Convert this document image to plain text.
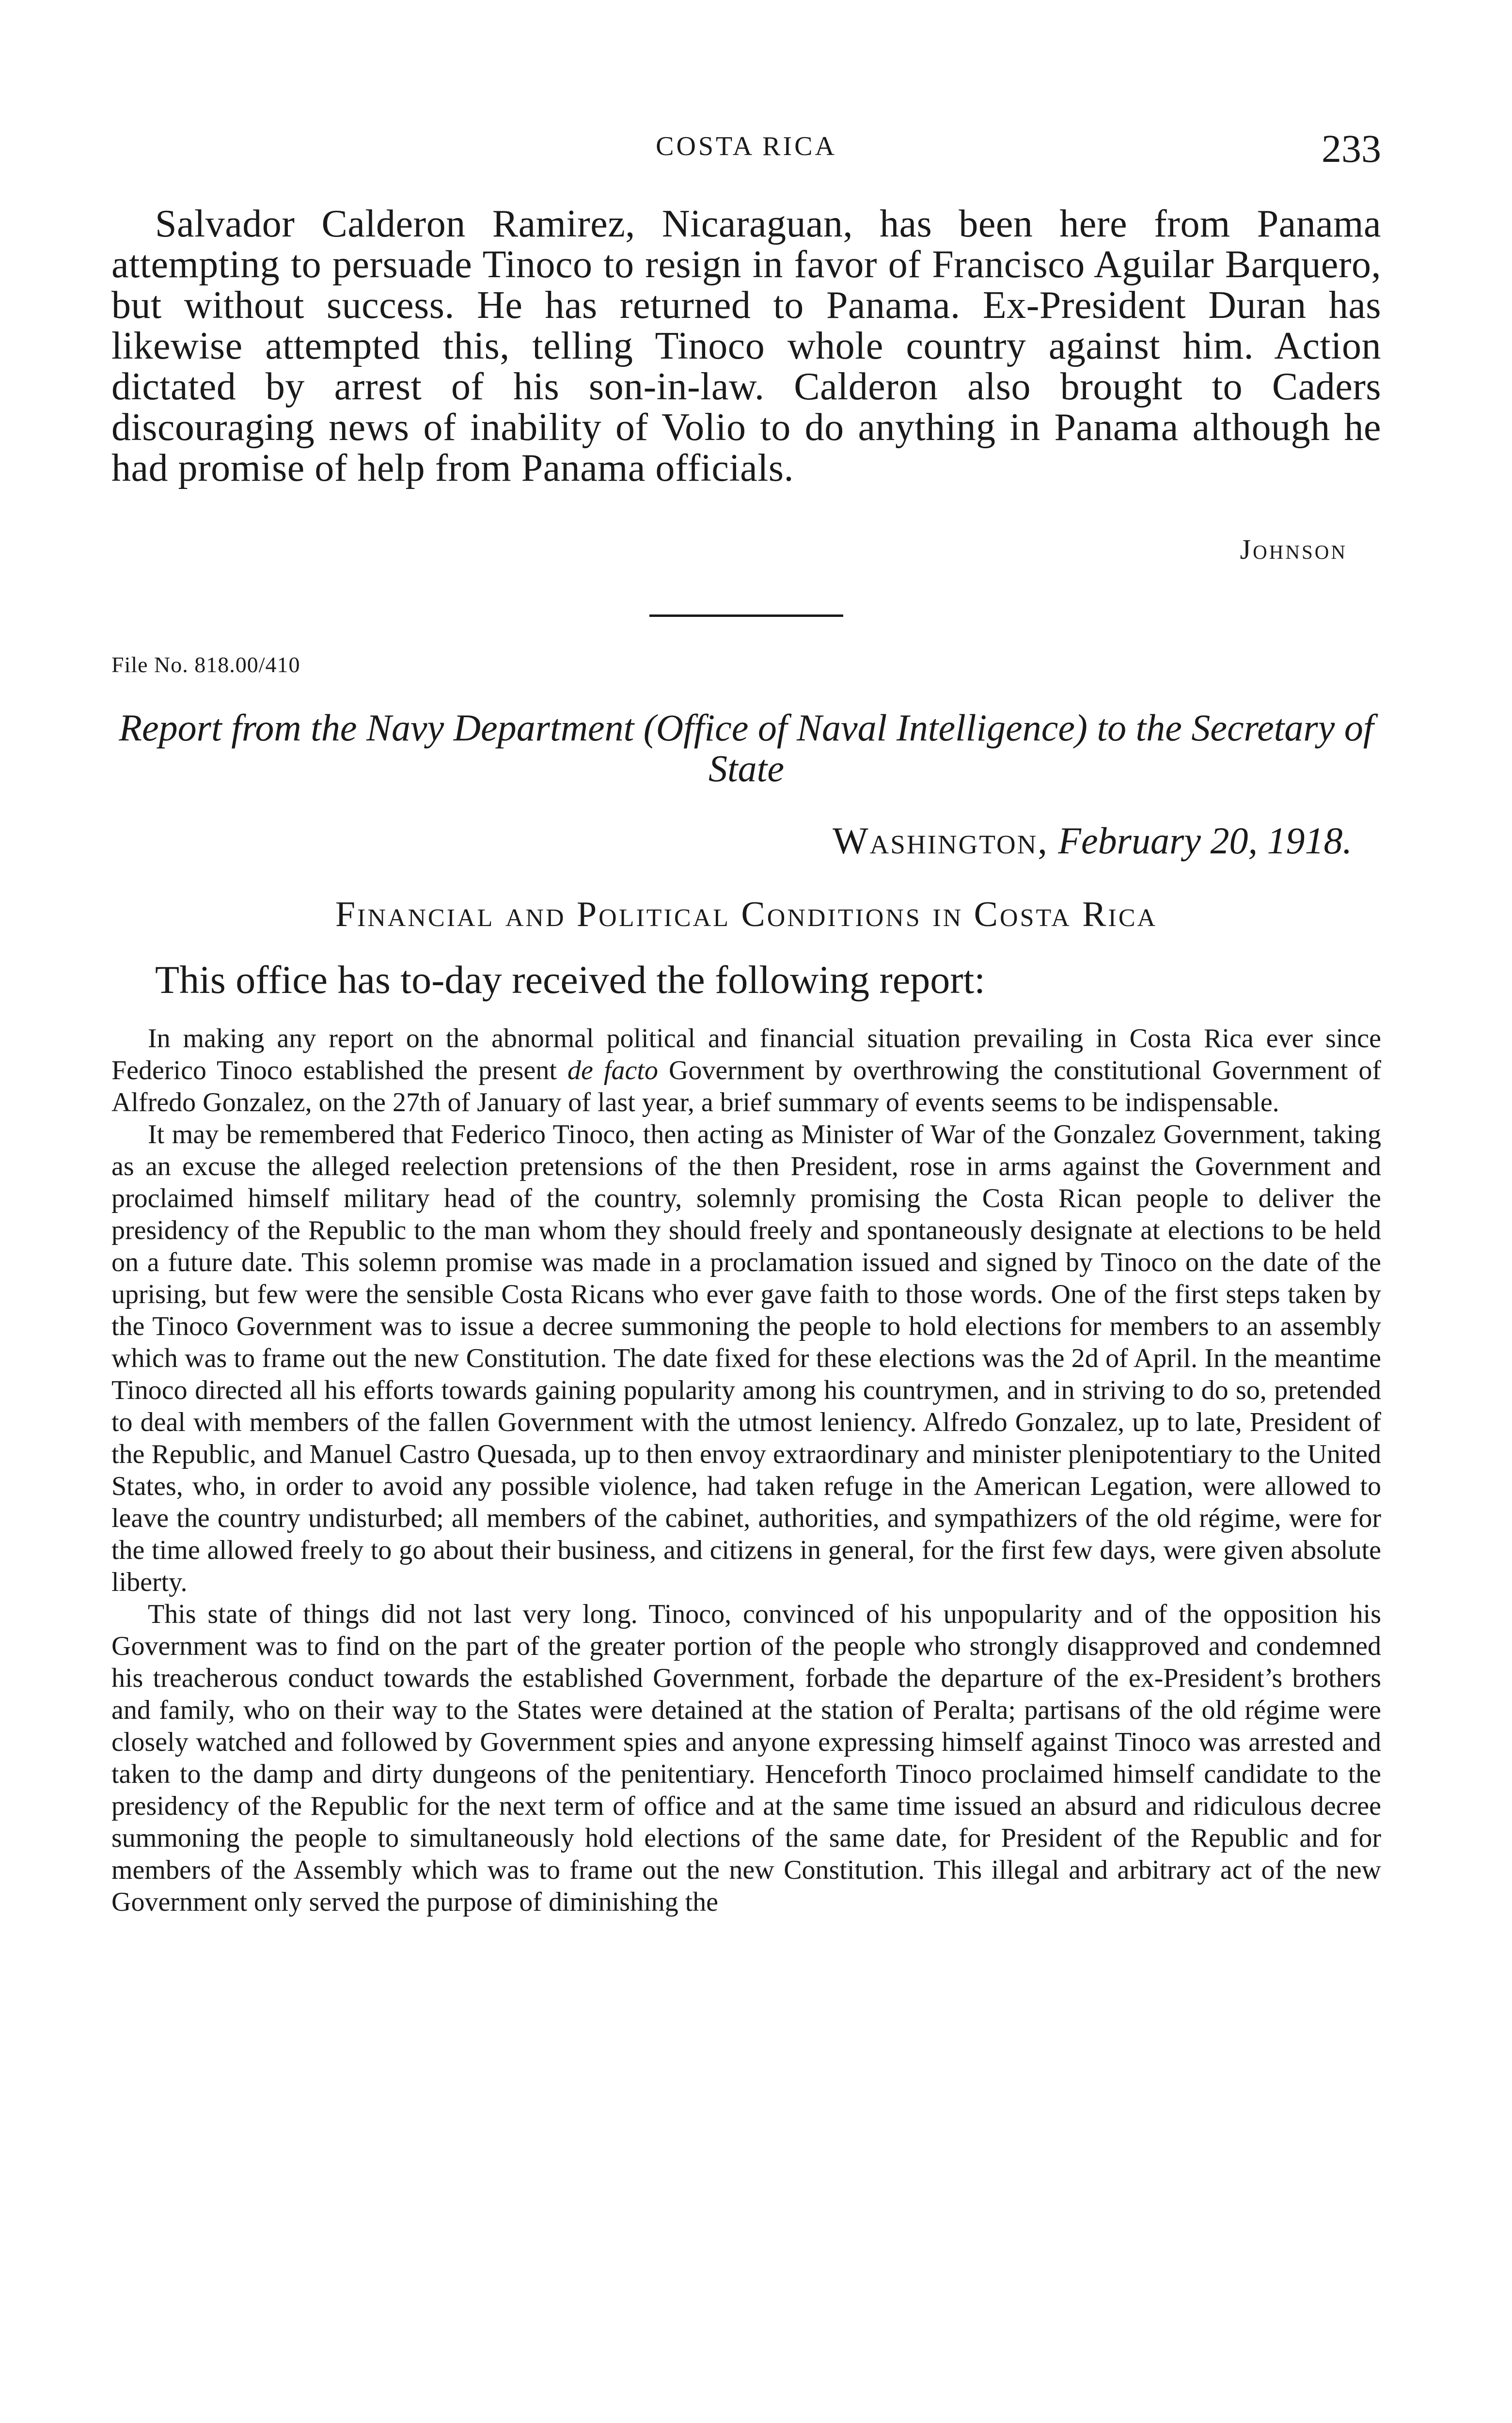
COSTA RICA	233

Salvador Calderon Ramirez, Nicaraguan, has been here from Panama attempting to persuade Tinoco to resign in favor of Francisco Aguilar Barquero, but without success. He has returned to Panama. Ex-President Duran has likewise attempted this, telling Tinoco whole country against him. Action dictated by arrest of his son-in-law. Calderon also brought to Caders discouraging news of inability of Volio to do anything in Panama although he had promise of help from Panama officials.

Johnson
File No. 818.00/410

Report from the Navy Department (Office of Naval Intelligence) to the Secretary of State

Washington, February 20, 1918.
Financial and Political Conditions in Costa Rica
This office has to-day received the following report:

In making any report on the abnormal political and financial situation prevailing in Costa Rica ever since Federico Tinoco established the present de facto Government by overthrowing the constitutional Government of Alfredo Gonzalez, on the 27th of January of last year, a brief summary of events seems to be indispensable.

It may be remembered that Federico Tinoco, then acting as Minister of War of the Gonzalez Government, taking as an excuse the alleged reelection pretensions of the then President, rose in arms against the Government and proclaimed himself military head of the country, solemnly promising the Costa Rican people to deliver the presidency of the Republic to the man whom they should freely and spontaneously designate at elections to be held on a future date. This solemn promise was made in a proclamation issued and signed by Tinoco on the date of the uprising, but few were the sensible Costa Ricans who ever gave faith to those words. One of the first steps taken by the Tinoco Government was to issue a decree summoning the people to hold elections for members to an assembly which was to frame out the new Constitution. The date fixed for these elections was the 2d of April. In the meantime Tinoco directed all his efforts towards gaining popularity among his countrymen, and in striving to do so, pretended to deal with members of the fallen Government with the utmost leniency. Alfredo Gonzalez, up to late, President of the Republic, and Manuel Castro Quesada, up to then envoy extraordinary and minister plenipotentiary to the United States, who, in order to avoid any possible violence, had taken refuge in the American Legation, were allowed to leave the country undisturbed; all members of the cabinet, authorities, and sympathizers of the old régime, were for the time allowed freely to go about their business, and citizens in general, for the first few days, were given absolute liberty.

This state of things did not last very long. Tinoco, convinced of his unpopularity and of the opposition his Government was to find on the part of the greater portion of the people who strongly disapproved and condemned his treacherous conduct towards the established Government, forbade the departure of the ex-President’s brothers and family, who on their way to the States were detained at the station of Peralta; partisans of the old régime were closely watched and followed by Government spies and anyone expressing himself against Tinoco was arrested and taken to the damp and dirty dungeons of the penitentiary. Henceforth Tinoco proclaimed himself candidate to the presidency of the Republic for the next term of office and at the same time issued an absurd and ridiculous decree summoning the people to simultaneously hold elections of the same date, for President of the Republic and for members of the Assembly which was to frame out the new Constitution. This illegal and arbitrary act of the new Government only served the purpose of diminishing the
